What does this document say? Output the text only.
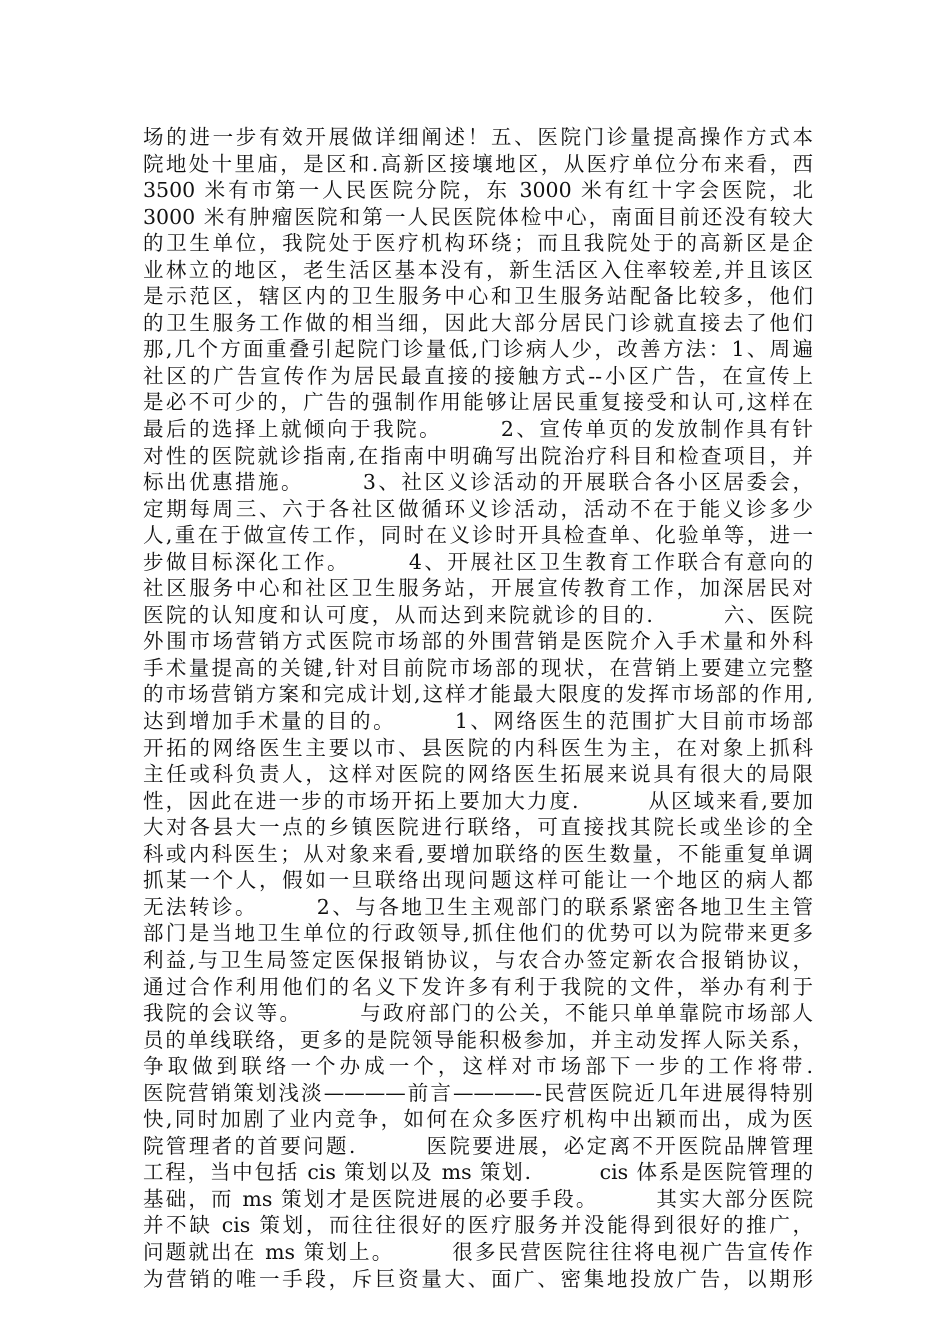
场的进一步有效开展做详细阐述！五、医院门诊量提高操作方式本
院地处十里庙，是区和.高新区接壤地区，从医疗单位分布来看，西
3500 米有市第一人民医院分院，东 3000 米有红十字会医院，北
3000 米有肿瘤医院和第一人民医院体检中心，南面目前还没有较大
的卫生单位，我院处于医疗机构环绕；而且我院处于的高新区是企
业林立的地区，老生活区基本没有，新生活区入住率较差,并且该区
是示范区，辖区内的卫生服务中心和卫生服务站配备比较多，他们
的卫生服务工作做的相当细，因此大部分居民门诊就直接去了他们
那,几个方面重叠引起院门诊量低,门诊病人少，改善方法：1、周遍
社区的广告宣传作为居民最直接的接触方式--小区广告，在宣传上
是必不可少的，广告的强制作用能够让居民重复接受和认可,这样在
最后的选择上就倾向于我院。　　　2、宣传单页的发放制作具有针
对性的医院就诊指南,在指南中明确写出院治疗科目和检查项目，并
标出优惠措施。　　　3、社区义诊活动的开展联合各小区居委会，
定期每周三、六于各社区做循环义诊活动，活动不在于能义诊多少
人,重在于做宣传工作，同时在义诊时开具检查单、化验单等，进一
步做目标深化工作。　　　4、开展社区卫生教育工作联合有意向的
社区服务中心和社区卫生服务站，开展宣传教育工作，加深居民对
医院的认知度和认可度，从而达到来院就诊的目的.　　　六、医院
外围市场营销方式医院市场部的外围营销是医院介入手术量和外科
手术量提高的关键,针对目前院市场部的现状，在营销上要建立完整
的市场营销方案和完成计划,这样才能最大限度的发挥市场部的作用,
达到增加手术量的目的。　　　1、网络医生的范围扩大目前市场部
开拓的网络医生主要以市、县医院的内科医生为主，在对象上抓科
主任或科负责人，这样对医院的网络医生拓展来说具有很大的局限
性，因此在进一步的市场开拓上要加大力度.　　　从区域来看,要加
大对各县大一点的乡镇医院进行联络，可直接找其院长或坐诊的全
科或内科医生；从对象来看,要增加联络的医生数量，不能重复单调
抓某一个人，假如一旦联络出现问题这样可能让一个地区的病人都
无法转诊。　　　2、与各地卫生主观部门的联系紧密各地卫生主管
部门是当地卫生单位的行政领导,抓住他们的优势可以为院带来更多
利益,与卫生局签定医保报销协议，与农合办签定新农合报销协议，
通过合作利用他们的名义下发许多有利于我院的文件，举办有利于
我院的会议等。　　　与政府部门的公关，不能只单单靠院市场部人
员的单线联络，更多的是院领导能积极参加，并主动发挥人际关系，
争取做到联络一个办成一个，这样对市场部下一步的工作将带.
医院营销策划浅淡————前言————-民营医院近几年进展得特别
快,同时加剧了业内竞争，如何在众多医疗机构中出颖而出，成为医
院管理者的首要问题.　　　医院要进展，必定离不开医院品牌管理
工程，当中包括 cis 策划以及 ms 策划.　　　cis 体系是医院管理的
基础，而 ms 策划才是医院进展的必要手段。　　　其实大部分医院
并不缺 cis 策划，而往往很好的医疗服务并没能得到很好的推广，
问题就出在 ms 策划上。　　　很多民营医院往往将电视广告宣传作
为营销的唯一手段，斥巨资量大、面广、密集地投放广告，以期形
